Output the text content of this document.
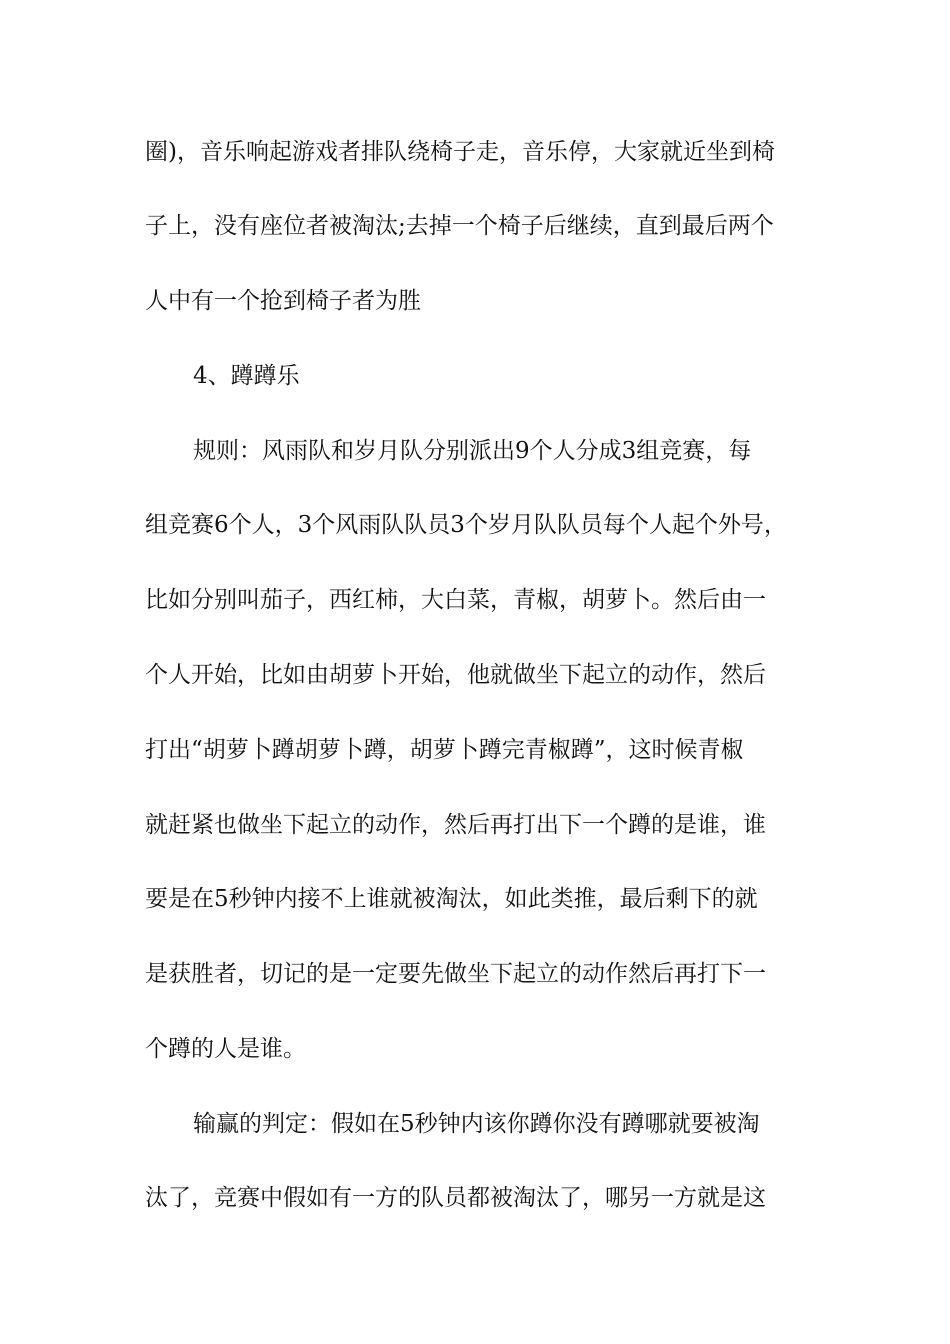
圈)，音乐响起游戏者排队绕椅子走，音乐停，大家就近坐到椅
子上，没有座位者被淘汰;去掉一个椅子后继续，直到最后两个
人中有一个抢到椅子者为胜
4、蹲蹲乐
规则：风雨队和岁月队分别派出9个人分成3组竞赛，每
组竞赛6个人，3个风雨队队员3个岁月队队员每个人起个外号，
比如分别叫茄子，西红柿，大白菜，青椒，胡萝卜。然后由一
个人开始，比如由胡萝卜开始，他就做坐下起立的动作，然后
打出“胡萝卜蹲胡萝卜蹲，胡萝卜蹲完青椒蹲”，这时候青椒
就赶紧也做坐下起立的动作，然后再打出下一个蹲的是谁，谁
要是在5秒钟内接不上谁就被淘汰，如此类推，最后剩下的就
是获胜者，切记的是一定要先做坐下起立的动作然后再打下一
个蹲的人是谁。
输赢的判定：假如在5秒钟内该你蹲你没有蹲哪就要被淘
汰了，竞赛中假如有一方的队员都被淘汰了，哪另一方就是这
